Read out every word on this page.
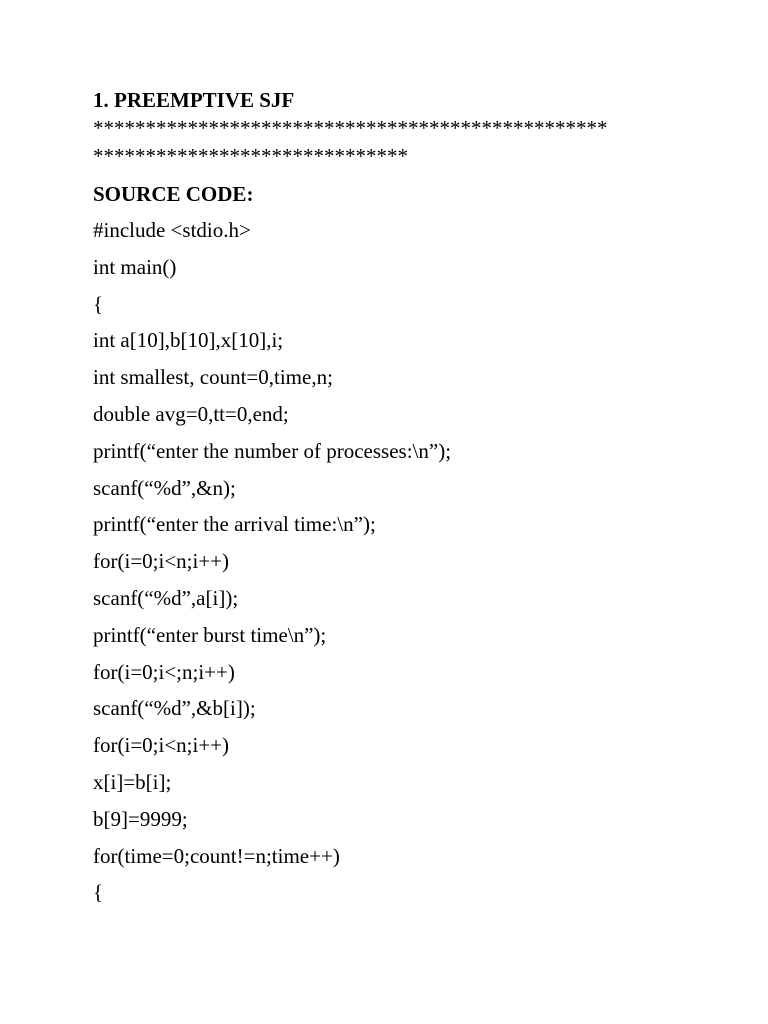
1. PREEMPTIVE SJF
*************************************************
******************************
SOURCE CODE:
#include <stdio.h>
int main()
{
int a[10],b[10],x[10],i;
int smallest, count=0,time,n;
double avg=0,tt=0,end;
printf(“enter the number of processes:\n”);
scanf(“%d”,&n);
printf(“enter the arrival time:\n”);
for(i=0;i<n;i++)
scanf(“%d”,a[i]);
printf(“enter burst time\n”);
for(i=0;i<;n;i++)
scanf(“%d”,&b[i]);
for(i=0;i<n;i++)
x[i]=b[i];
b[9]=9999;
for(time=0;count!=n;time++)
{
